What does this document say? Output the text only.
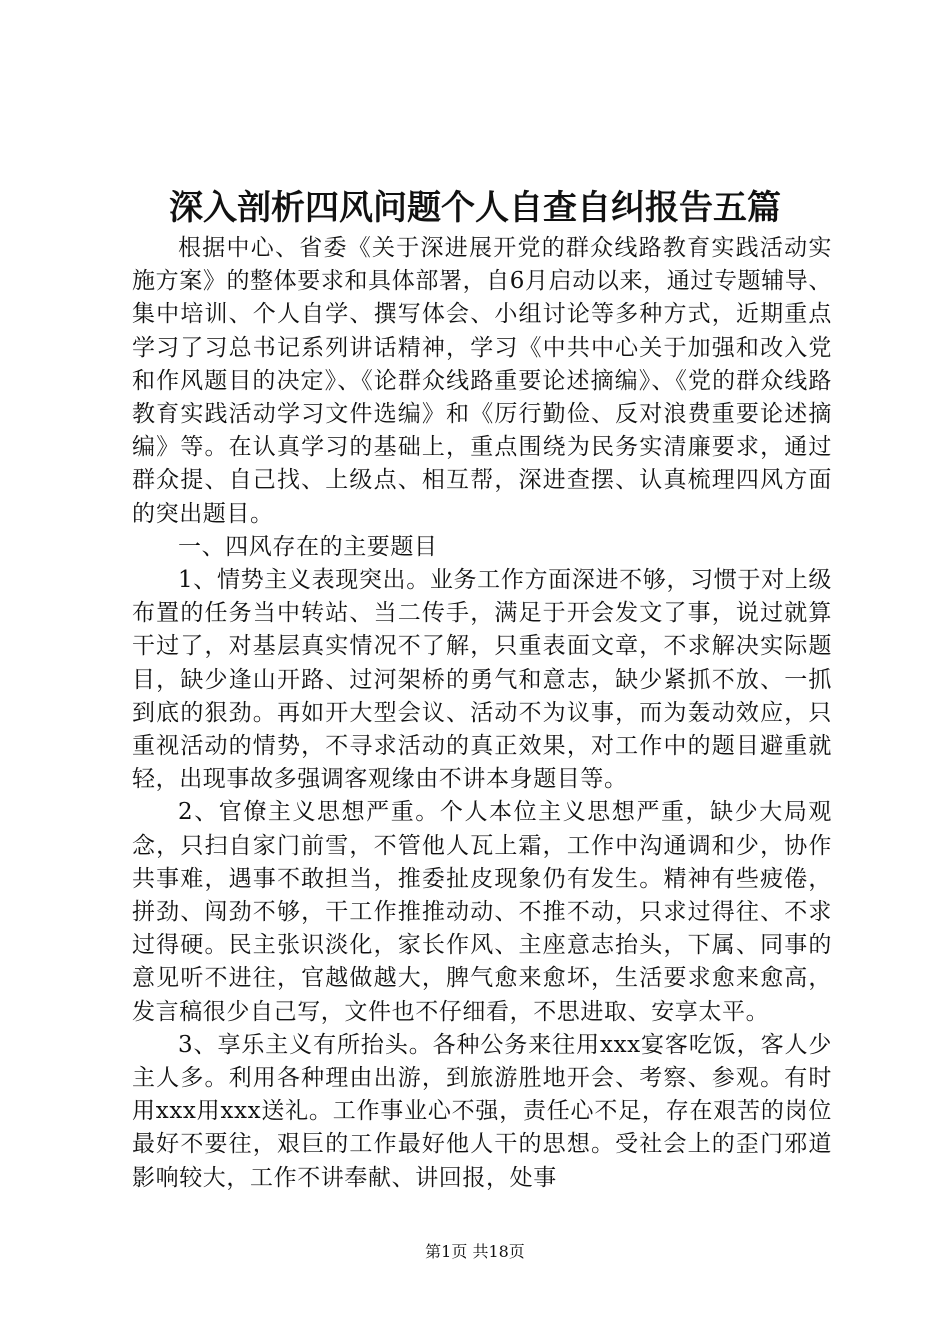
深入剖析四风问题个人自查自纠报告五篇

根据中心、省委《关于深进展开党的群众线路教育实践活动实施方案》的整体要求和具体部署，自6月启动以来，通过专题辅导、集中培训、个人自学、撰写体会、小组讨论等多种方式，近期重点学习了习总书记系列讲话精神，学习《中共中心关于加强和改入党和作风题目的决定》、《论群众线路重要论述摘编》、《党的群众线路教育实践活动学习文件选编》和《厉行勤俭、反对浪费重要论述摘编》等。在认真学习的基础上，重点围绕为民务实清廉要求，通过群众提、自己找、上级点、相互帮，深进查摆、认真梳理四风方面的突出题目。

一、四风存在的主要题目

1、情势主义表现突出。业务工作方面深进不够，习惯于对上级布置的任务当中转站、当二传手，满足于开会发文了事，说过就算干过了，对基层真实情况不了解，只重表面文章，不求解决实际题目，缺少逢山开路、过河架桥的勇气和意志，缺少紧抓不放、一抓到底的狠劲。再如开大型会议、活动不为议事，而为轰动效应，只重视活动的情势，不寻求活动的真正效果，对工作中的题目避重就轻，出现事故多强调客观缘由不讲本身题目等。

2、官僚主义思想严重。个人本位主义思想严重，缺少大局观念，只扫自家门前雪，不管他人瓦上霜，工作中沟通调和少，协作共事难，遇事不敢担当，推委扯皮现象仍有发生。精神有些疲倦，拼劲、闯劲不够，干工作推推动动、不推不动，只求过得往、不求过得硬。民主张识淡化，家长作风、主座意志抬头，下属、同事的意见听不进往，官越做越大，脾气愈来愈坏，生活要求愈来愈高，发言稿很少自己写，文件也不仔细看，不思进取、安享太平。

3、享乐主义有所抬头。各种公务来往用xxx宴客吃饭，客人少主人多。利用各种理由出游，到旅游胜地开会、考察、参观。有时用xxx用xxx送礼。工作事业心不强，责任心不足，存在艰苦的岗位最好不要往，艰巨的工作最好他人干的思想。受社会上的歪门邪道影响较大，工作不讲奉献、讲回报，处事

第1页 共18页
